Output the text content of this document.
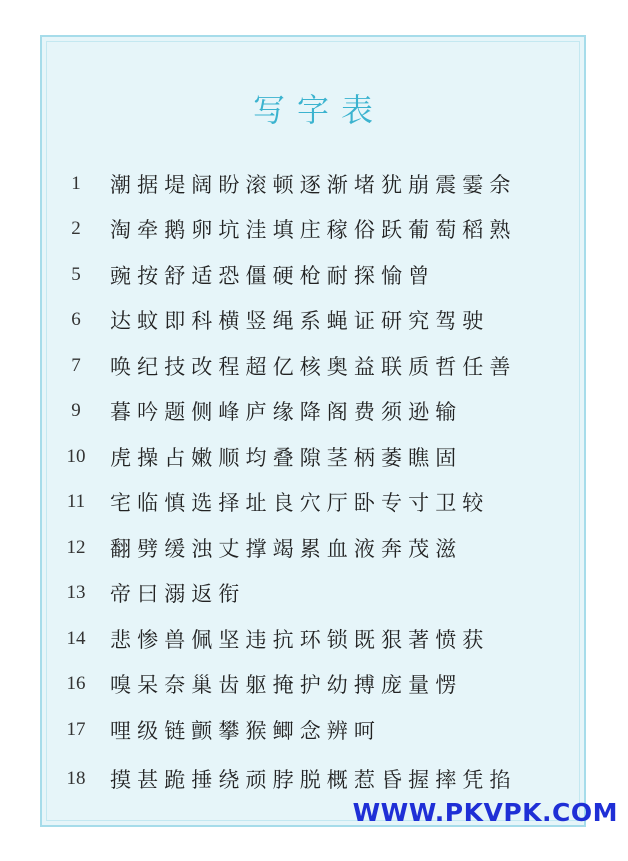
写字表
1	潮据堤阔盼滚顿逐渐堵犹崩震霎余
2	淘牵鹅卵坑洼填庄稼俗跃葡萄稻熟
5	豌按舒适恐僵硬枪耐探愉曾
6	达蚊即科横竖绳系蝇证研究驾驶
7	唤纪技改程超亿核奥益联质哲任善
9	暮吟题侧峰庐缘降阁费须逊输
10	虎操占嫩顺均叠隙茎柄萎瞧固
11	宅临慎选择址良穴厅卧专寸卫较
12	翻劈缓浊丈撑竭累血液奔茂滋
13	帝曰溺返衔
14	悲惨兽佩坚违抗环锁既狠著愤获
16	嗅呆奈巢齿躯掩护幼搏庞量愣
17	哩级链颤攀猴鲫念辨呵
18	摸甚跪捶绕顽脖脱概惹昏握摔凭掐
WWW.PKVPK.COM
